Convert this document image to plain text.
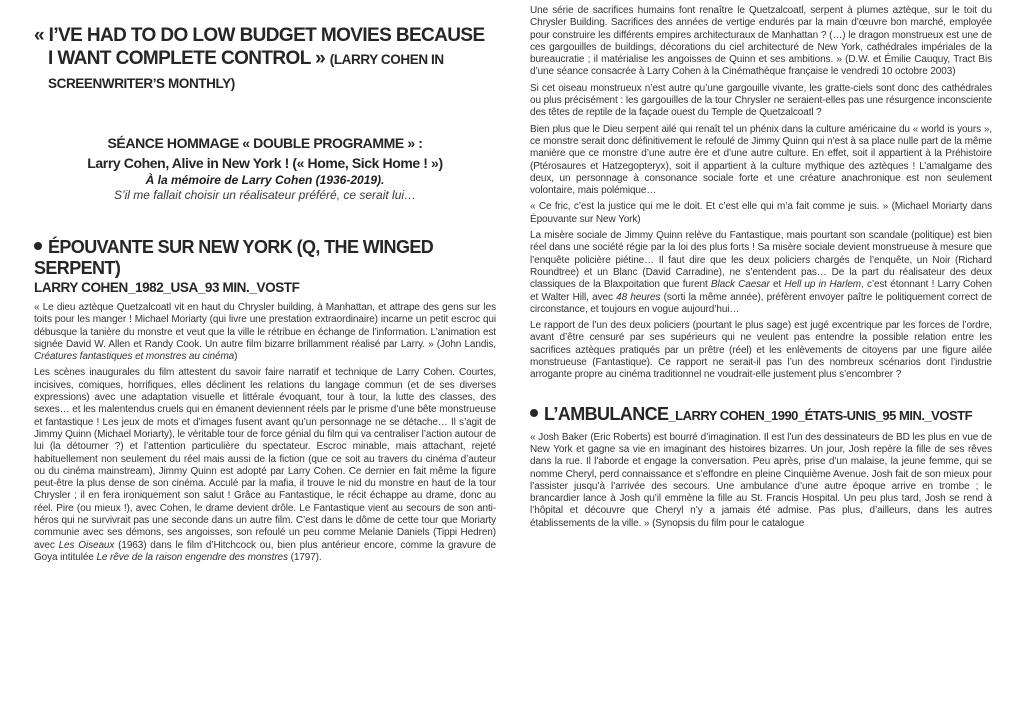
« I’VE HAD TO DO LOW BUDGET MOVIES BECAUSE
I WANT COMPLETE CONTROL » (LARRY COHEN IN
SCREENWRITER’S MONTHLY)
SÉANCE HOMMAGE « DOUBLE PROGRAMME » :
Larry Cohen, Alive in New York ! (« Home, Sick Home ! »)
À la mémoire de Larry Cohen (1936-2019).
S’il me fallait choisir un réalisateur préféré, ce serait lui…
ÉPOUVANTE SUR NEW YORK (Q, THE WINGED SERPENT)
LARRY COHEN_1982_USA_93 MIN._VOSTF

« Le dieu aztèque Quetzalcoatl vit en haut du Chrysler building, à Manhattan, et attrape des gens sur les toits pour les manger ! Michael Moriarty (qui livre une prestation extraordinaire) incarne un petit escroc qui débusque la tanière du monstre et veut que la ville le rétribue en échange de l’information. L’animation est signée David W. Allen et Randy Cook. Un autre film bizarre brillamment réalisé par Larry. » (John Landis, Créatures fantastiques et monstres au cinéma)

Les scènes inaugurales du film attestent du savoir faire narratif et technique de Larry Cohen. Courtes, incisives, comiques, horrifiques, elles déclinent les relations du langage commun (et de ses diverses expressions) avec une adaptation visuelle et littérale évoquant, tour à tour, la lutte des classes, des sexes… et les malentendus cruels qui en émanent deviennent réels par le prisme d’une bête monstrueuse et fantastique ! Les jeux de mots et d’images fusent avant qu’un personnage ne se détache… Il s’agit de Jimmy Quinn (Michael Moriarty), le véritable tour de force génial du film qui va centraliser l’action autour de lui (la détourner ?) et l’attention particulière du spectateur. Escroc minable, mais attachant, rejeté habituellement non seulement du réel mais aussi de la fiction (que ce soit au travers du cinéma d’auteur ou du cinéma mainstream), Jimmy Quinn est adopté par Larry Cohen. Ce dernier en fait même la figure peut-être la plus dense de son cinéma. Acculé par la mafia, il trouve le nid du monstre en haut de la tour Chrysler ; il en fera ironiquement son salut ! Grâce au Fantastique, le récit échappe au drame, donc au réel. Pire (ou mieux !), avec Cohen, le drame devient drôle. Le Fantastique vient au secours de son anti-héros qui ne survivrait pas une seconde dans un autre film. C’est dans le dôme de cette tour que Moriarty communie avec ses démons, ses angoisses, son refoulé un peu comme Melanie Daniels (Tippi Hedren) avec Les Oiseaux (1963) dans le film d’Hitchcock ou, bien plus antérieur encore, comme la gravure de Goya intitulée Le rêve de la raison engendre des monstres (1797).

Une série de sacrifices humains font renaître le Quetzalcoatl, serpent à plumes aztèque, sur le toit du Chrysler Building. Sacrifices des années de vertige endurés par la main d’œuvre bon marché, employée pour construire les différents empires architecturaux de Manhattan ? (…) le dragon monstrueux est une de ces gargouilles de buildings, décorations du ciel architecturé de New York, cathédrales impériales de la bureaucratie ; il matérialise les angoisses de Quinn et ses ambitions. » (D.W. et Émilie Cauquy, Tract Bis d’une séance consacrée à Larry Cohen à la Cinémathèque française le vendredi 10 octobre 2003)

Si cet oiseau monstrueux n’est autre qu’une gargouille vivante, les gratte-ciels sont donc des cathédrales ou plus précisément : les gargouilles de la tour Chrysler ne seraient-elles pas une résurgence inconsciente des têtes de reptile de la façade ouest du Temple de Quetzalcoatl ?

Bien plus que le Dieu serpent ailé qui renaît tel un phénix dans la culture américaine du « world is yours », ce monstre serait donc définitivement le refoulé de Jimmy Quinn qui n’est à sa place nulle part de la même manière que ce monstre d’une autre ère et d’une autre culture. En effet, soit il appartient à la Préhistoire (Ptérosaures et Hatzegopteryx), soit il appartient à la culture mythique des aztèques ! L’amalgame des deux, un personnage à consonance sociale forte et une créature anachronique est non seulement volontaire, mais polémique…

« Ce fric, c’est la justice qui me le doit. Et c’est elle qui m’a fait comme je suis. » (Michael Moriarty dans Épouvante sur New York)

La misère sociale de Jimmy Quinn relève du Fantastique, mais pourtant son scandale (politique) est bien réel dans une société régie par la loi des plus forts ! Sa misère sociale devient monstrueuse à mesure que l’enquête policière piétine… Il faut dire que les deux policiers chargés de l’enquête, un Noir (Richard Roundtree) et un Blanc (David Carradine), ne s’entendent pas… De la part du réalisateur des deux classiques de la Blaxpoitation que furent Black Caesar et Hell up in Harlem, c’est étonnant ! Larry Cohen et Walter Hill, avec 48 heures (sorti la même année), préfèrent envoyer paître le politiquement correct de circonstance, et toujours en vogue aujourd’hui…

Le rapport de l’un des deux policiers (pourtant le plus sage) est jugé excentrique par les forces de l’ordre, avant d’être censuré par ses supérieurs qui ne veulent pas entendre la possible relation entre les sacrifices aztèques pratiqués par un prêtre (réel) et les enlèvements de citoyens par une figure ailée monstrueuse (Fantastique). Ce rapport ne serait-il pas l’un des nombreux scénarios dont l’industrie arrogante propre au cinéma traditionnel ne voudrait-elle justement plus s’encombrer ?

L’AMBULANCE_LARRY COHEN_1990_ÉTATS-UNIS_95 MIN._VOSTF

« Josh Baker (Eric Roberts) est bourré d’imagination. Il est l’un des dessinateurs de BD les plus en vue de New York et gagne sa vie en imaginant des histoires bizarres. Un jour, Josh repère la fille de ses rêves dans la rue. Il l’aborde et engage la conversation. Peu après, prise d’un malaise, la jeune femme, qui se nomme Cheryl, perd connaissance et s’effondre en pleine Cinquième Avenue. Josh fait de son mieux pour l’assister jusqu’à l’arrivée des secours. Une ambulance d’une autre époque arrive en trombe ; le brancardier lance à Josh qu’il emmène la fille au St. Francis Hospital. Un peu plus tard, Josh se rend à l’hôpital et découvre que Cheryl n’y a jamais été admise. Pas plus, d’ailleurs, dans les autres établissements de la ville. » (Synopsis du film pour le catalogue
